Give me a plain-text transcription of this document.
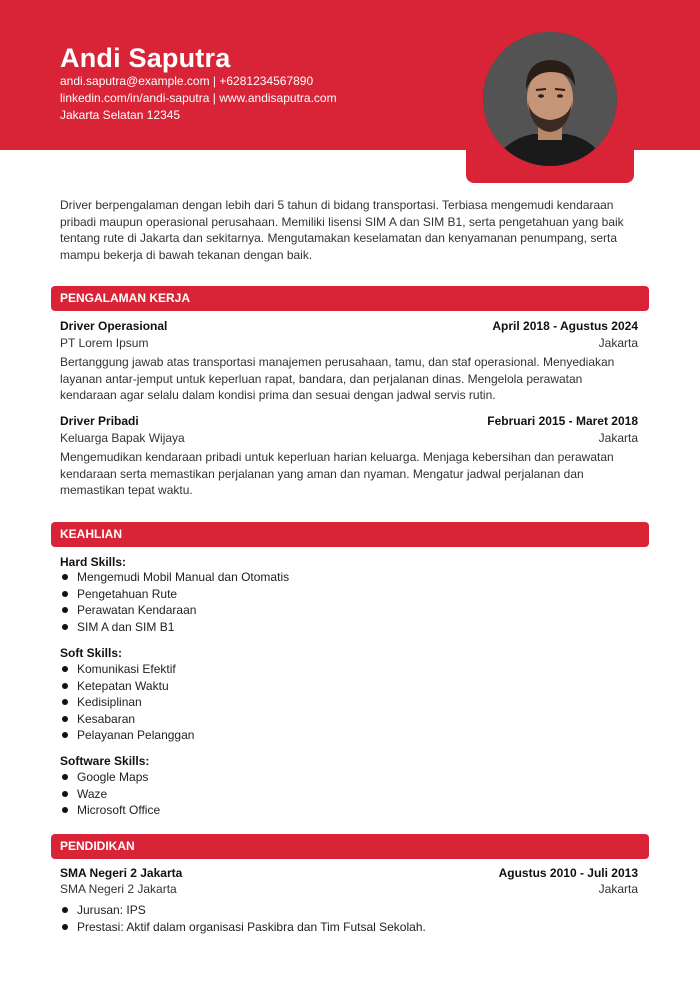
Andi Saputra
andi.saputra@example.com | +6281234567890
linkedin.com/in/andi-saputra | www.andisaputra.com
Jakarta Selatan 12345
Driver berpengalaman dengan lebih dari 5 tahun di bidang transportasi. Terbiasa mengemudi kendaraan pribadi maupun operasional perusahaan. Memiliki lisensi SIM A dan SIM B1, serta pengetahuan yang baik tentang rute di Jakarta dan sekitarnya. Mengutamakan keselamatan dan kenyamanan penumpang, serta mampu bekerja di bawah tekanan dengan baik.
PENGALAMAN KERJA
Driver Operasional	April 2018 - Agustus 2024
PT Lorem Ipsum	Jakarta
Bertanggung jawab atas transportasi manajemen perusahaan, tamu, dan staf operasional. Menyediakan layanan antar-jemput untuk keperluan rapat, bandara, dan perjalanan dinas. Mengelola perawatan kendaraan agar selalu dalam kondisi prima dan sesuai dengan jadwal servis rutin.
Driver Pribadi	Februari 2015 - Maret 2018
Keluarga Bapak Wijaya	Jakarta
Mengemudikan kendaraan pribadi untuk keperluan harian keluarga. Menjaga kebersihan dan perawatan kendaraan serta memastikan perjalanan yang aman dan nyaman. Mengatur jadwal perjalanan dan memastikan tepat waktu.
KEAHLIAN
Hard Skills:
Mengemudi Mobil Manual dan Otomatis
Pengetahuan Rute
Perawatan Kendaraan
SIM A dan SIM B1
Soft Skills:
Komunikasi Efektif
Ketepatan Waktu
Kedisiplinan
Kesabaran
Pelayanan Pelanggan
Software Skills:
Google Maps
Waze
Microsoft Office
PENDIDIKAN
SMA Negeri 2 Jakarta	Agustus 2010 - Juli 2013
SMA Negeri 2 Jakarta	Jakarta
Jurusan: IPS
Prestasi: Aktif dalam organisasi Paskibra dan Tim Futsal Sekolah.
